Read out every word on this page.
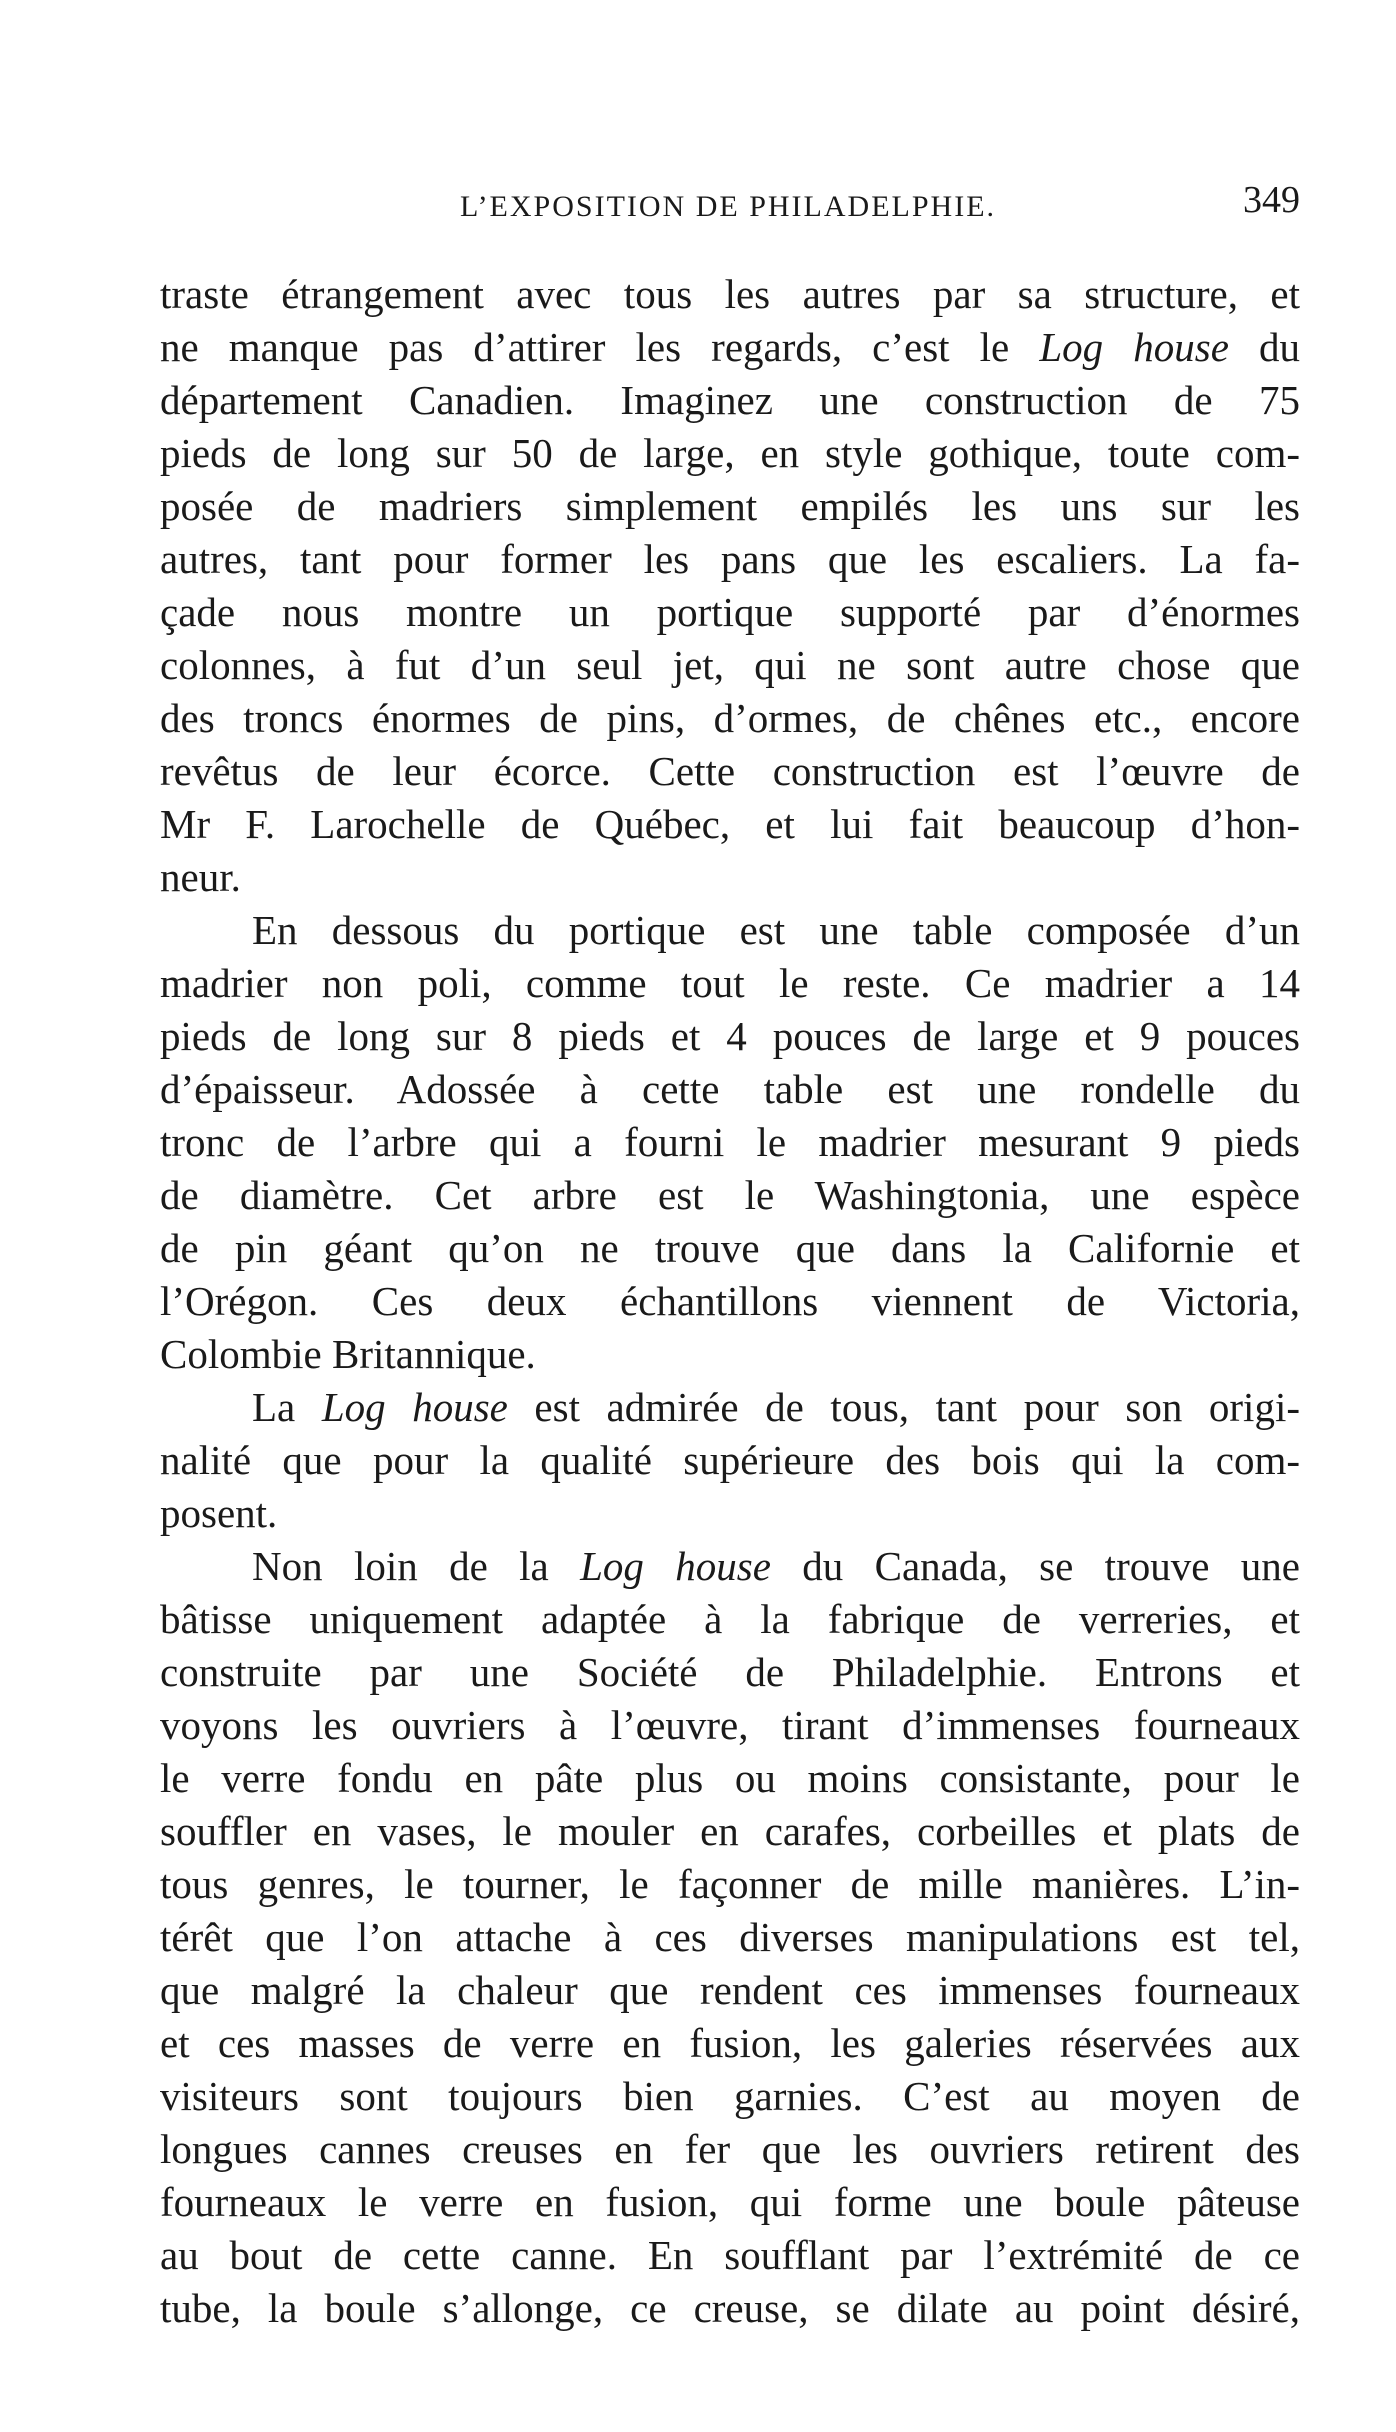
L’EXPOSITION DE PHILADELPHIE.	349
traste étrangement avec tous les autres par sa structure, et
ne manque pas d’attirer les regards, c’est le Log house du
département Canadien. Imaginez une construction de 75
pieds de long sur 50 de large, en style gothique, toute com-
posée de madriers simplement empilés les uns sur les
autres, tant pour former les pans que les escaliers. La fa-
çade nous montre un portique supporté par d’énormes
colonnes, à fut d’un seul jet, qui ne sont autre chose que
des troncs énormes de pins, d’ormes, de chênes etc., encore
revêtus de leur écorce. Cette construction est l’œuvre de
Mr F. Larochelle de Québec, et lui fait beaucoup d’hon-
neur.
En dessous du portique est une table composée d’un
madrier non poli, comme tout le reste. Ce madrier a 14
pieds de long sur 8 pieds et 4 pouces de large et 9 pouces
d’épaisseur. Adossée à cette table est une rondelle du
tronc de l’arbre qui a fourni le madrier mesurant 9 pieds
de diamètre. Cet arbre est le Washingtonia, une espèce
de pin géant qu’on ne trouve que dans la Californie et
l’Orégon. Ces deux échantillons viennent de Victoria,
Colombie Britannique.
La Log house est admirée de tous, tant pour son origi-
nalité que pour la qualité supérieure des bois qui la com-
posent.
Non loin de la Log house du Canada, se trouve une
bâtisse uniquement adaptée à la fabrique de verreries, et
construite par une Société de Philadelphie. Entrons et
voyons les ouvriers à l’œuvre, tirant d’immenses fourneaux
le verre fondu en pâte plus ou moins consistante, pour le
souffler en vases, le mouler en carafes, corbeilles et plats de
tous genres, le tourner, le façonner de mille manières. L’in-
térêt que l’on attache à ces diverses manipulations est tel,
que malgré la chaleur que rendent ces immenses fourneaux
et ces masses de verre en fusion, les galeries réservées aux
visiteurs sont toujours bien garnies. C’est au moyen de
longues cannes creuses en fer que les ouvriers retirent des
fourneaux le verre en fusion, qui forme une boule pâteuse
au bout de cette canne. En soufflant par l’extrémité de ce
tube, la boule s’allonge, ce creuse, se dilate au point désiré,
